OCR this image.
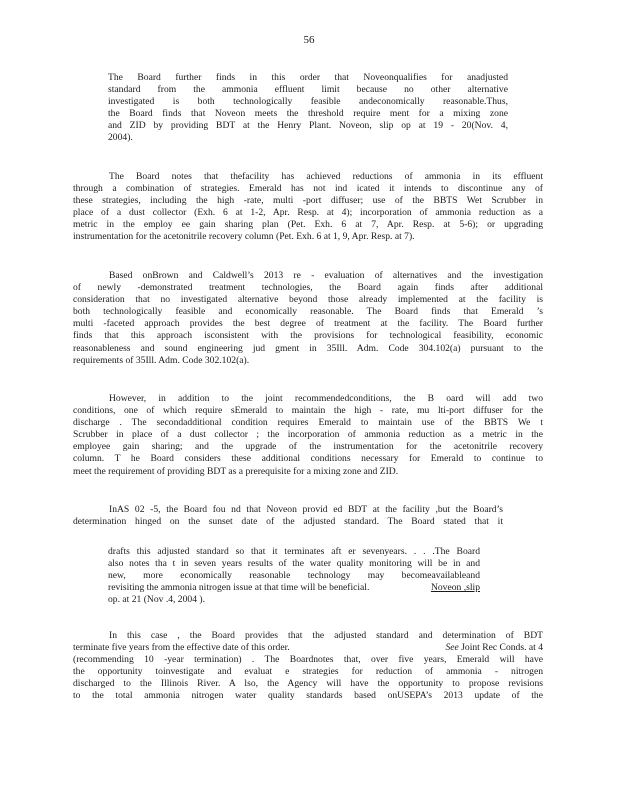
56
The Board further finds in this order that Noveonqualifies for anadjusted
standard from the ammonia effluent limit because no other alternative
investigated is both technologically feasible andeconomically reasonable.Thus,
the Board finds that Noveon meets the threshold require ment for a mixing zone
and ZID by providing BDT at the Henry Plant. Noveon, slip op at 19 - 20(Nov. 4,
2004).
The Board notes that thefacility has achieved reductions of ammonia in its effluent
through a combination of strategies. Emerald has not ind icated it intends to discontinue any of
these strategies, including the high -rate, multi -port diffuser; use of the BBTS Wet Scrubber in
place of a dust collector (Exh. 6 at 1-2, Apr. Resp. at 4); incorporation of ammonia reduction as a
metric in the employ ee gain sharing plan (Pet. Exh. 6 at 7, Apr. Resp. at 5-6); or upgrading
instrumentation for the acetonitrile recovery column (Pet. Exh. 6 at 1, 9, Apr. Resp. at 7).
Based onBrown and Caldwell’s 2013 re - evaluation of alternatives and the investigation
of newly -demonstrated treatment technologies, the Board again finds after additional
consideration that no investigated alternative beyond those already implemented at the facility is
both technologically feasible and economically reasonable. The Board finds that Emerald ’s
multi -faceted approach provides the best degree of treatment at the facility. The Board further
finds that this approach isconsistent with the provisions for technological feasibility, economic
reasonableness and sound engineering jud gment in 35Ill. Adm. Code 304.102(a) pursuant to the
requirements of 35Ill. Adm. Code 302.102(a).
However, in addition to the joint recommendedconditions, the B oard will add two
conditions, one of which require sEmerald to maintain the high - rate, mu lti-port diffuser for the
discharge . The secondadditional condition requires Emerald to maintain use of the BBTS We t
Scrubber in place of a dust collector ; the incorporation of ammonia reduction as a metric in the
employee gain sharing; and the upgrade of the instrumentation for the acetonitrile recovery
column. T he Board considers these additional conditions necessary for Emerald to continue to
meet the requirement of providing BDT as a prerequisite for a mixing zone and ZID.
InAS 02 -5, the Board fou nd that Noveon provid ed BDT at the facility ,but the Board’s
determination hinged on the sunset date of the adjusted standard. The Board stated that it
drafts this adjusted standard so that it terminates aft er sevenyears. . . .The Board
also notes tha t in seven years results of the water quality monitoring will be in and
new, more economically reasonable technology may becomeavailableand
revisiting the ammonia nitrogen issue at that time will be beneficial.	Noveon ,slip
op. at 21 (Nov .4, 2004 ).
In this case , the Board provides that the adjusted standard and determination of BDT
terminate five years from the effective date of this order.	See Joint Rec Conds. at 4
(recommending 10 -year termination) . The Boardnotes that, over five years, Emerald will have
the opportunity toinvestigate and evaluat e strategies for reduction of ammonia - nitrogen
discharged to the Illinois River. A lso, the Agency will have the opportunity to propose revisions
to the total ammonia nitrogen water quality standards based onUSEPA’s 2013 update of the
